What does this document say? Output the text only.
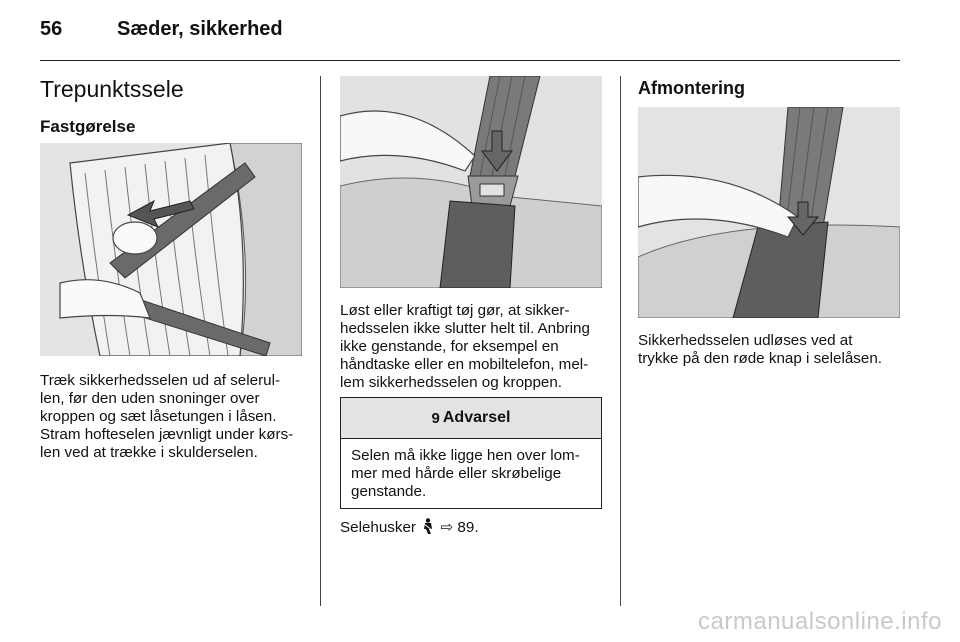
56	Sæder, sikkerhed
Trepunktssele
Fastgørelse
Træk sikkerhedsselen ud af selerul-
len, før den uden snoninger over
kroppen og sæt låsetungen i låsen.
Stram hofteselen jævnligt under kørs-
len ved at trække i skulderselen.
Løst eller kraftigt tøj gør, at sikker-
hedsselen ikke slutter helt til. Anbring
ikke genstande, for eksempel en
håndtaske eller en mobiltelefon, mel-
lem sikkerhedsselen og kroppen.
9 Advarsel
Selen må ikke ligge hen over lom-
mer med hårde eller skrøbelige
genstande.
Selehusker ⇨ 89.
Afmontering
Sikkerhedsselen udløses ved at
trykke på den røde knap i selelåsen.
carmanualsonline.info
